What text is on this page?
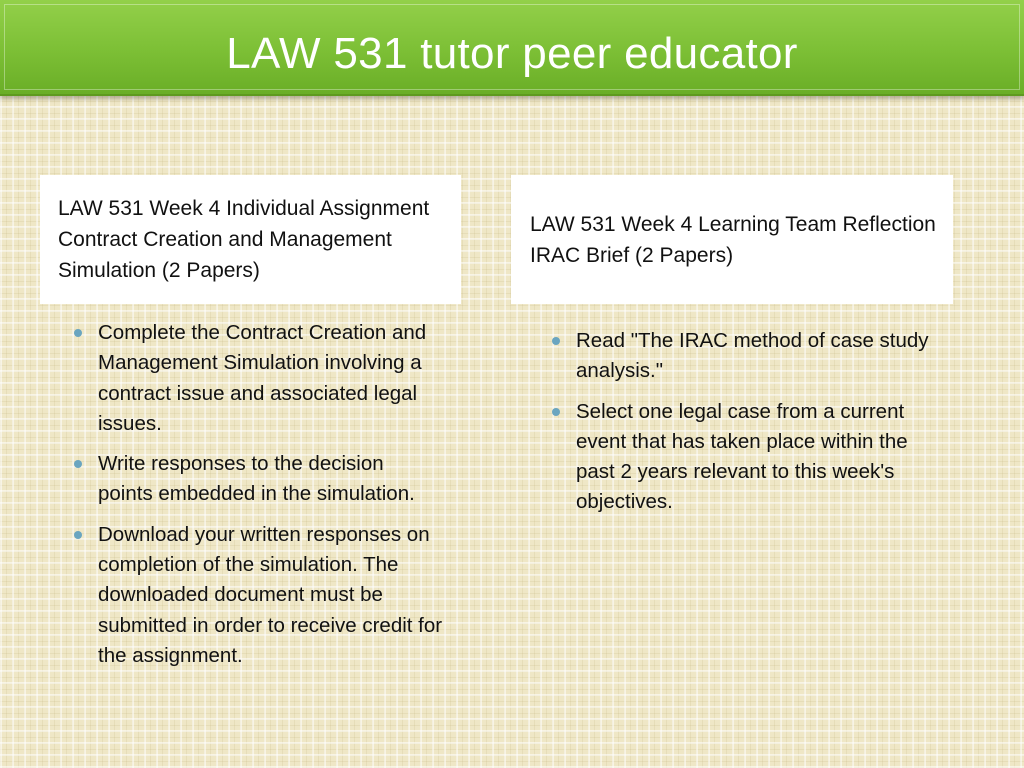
LAW 531 tutor peer educator
LAW 531 Week 4 Individual Assignment Contract Creation and Management Simulation (2 Papers)
LAW 531 Week 4 Learning Team Reflection IRAC Brief (2 Papers)
Complete the Contract Creation and Management Simulation involving a contract issue and associated legal issues.
Write responses to the decision points embedded in the simulation.
Download your written responses on completion of the simulation. The downloaded document must be submitted in order to receive credit for the assignment.
Read "The IRAC method of case study analysis."
Select one legal case from a current event that has taken place within the past 2 years relevant to this week's objectives.
